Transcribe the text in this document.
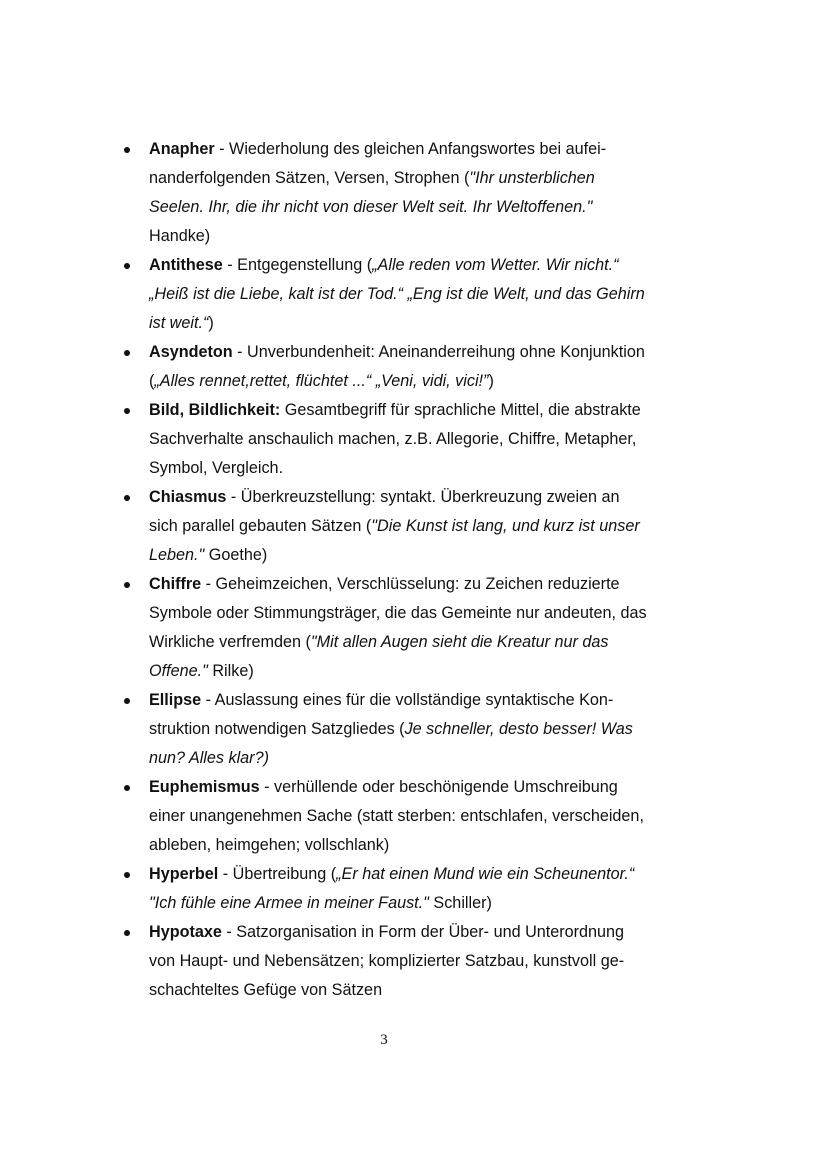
Anapher - Wiederholung des gleichen Anfangswortes bei aufeinanderfolgenden Sätzen, Versen, Strophen ("Ihr unsterblichen Seelen. Ihr, die ihr nicht von dieser Welt seit. Ihr Weltoffenen." Handke)
Antithese - Entgegenstellung („Alle reden vom Wetter. Wir nicht.“ „Heiß ist die Liebe, kalt ist der Tod.“ „Eng ist die Welt, und das Gehirn ist weit.“)
Asyndeton - Unverbundenheit: Aneinanderreihung ohne Konjunktion („Alles rennet,rettet, flüchtet ...“ „Veni, vidi, vici!”)
Bild, Bildlichkeit: Gesamtbegriff für sprachliche Mittel, die abstrakte Sachverhalte anschaulich machen, z.B. Allegorie, Chiffre, Metapher, Symbol, Vergleich.
Chiasmus - Überkreuzstellung: syntakt. Überkreuzung zweien an sich parallel gebauten Sätzen ("Die Kunst ist lang, und kurz ist unser Leben." Goethe)
Chiffre - Geheimzeichen, Verschlüsselung: zu Zeichen reduzierte Symbole oder Stimmungsträger, die das Gemeinte nur andeuten, das Wirkliche verfremden ("Mit allen Augen sieht die Kreatur nur das Offene." Rilke)
Ellipse - Auslassung eines für die vollständige syntaktische Konstruktion notwendigen Satzgliedes (Je schneller, desto besser! Was nun? Alles klar?)
Euphemismus - verhüllende oder beschönigende Umschreibung einer unangenehmen Sache (statt sterben: entschlafen, verscheiden, ableben, heimgehen; vollschlank)
Hyperbel - Übertreibung („Er hat einen Mund wie ein Scheunentor.“ "Ich fühle eine Armee in meiner Faust." Schiller)
Hypotaxe - Satzorganisation in Form der Über- und Unterordnung von Haupt- und Nebensätzen; komplizierter Satzbau, kunstvoll geschachteltes Gefüge von Sätzen
3
